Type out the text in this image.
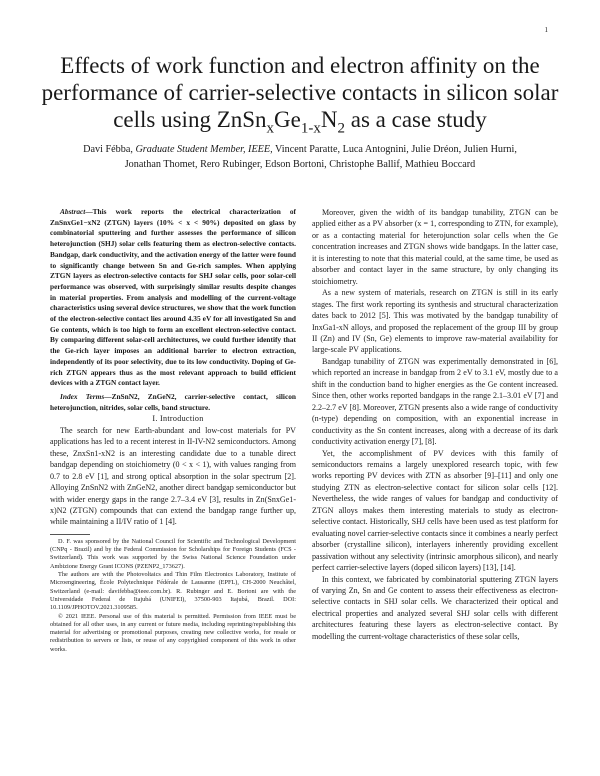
1
Effects of work function and electron affinity on the performance of carrier-selective contacts in silicon solar cells using $ZnSn_xGe_{1-x}N_2$ as a case study
Davi Fébba, Graduate Student Member, IEEE, Vincent Paratte, Luca Antognini, Julie Dréon, Julien Hurni,
Jonathan Thomet, Rero Rubinger, Edson Bortoni, Christophe Ballif, Mathieu Boccard

Abstract—This work reports the electrical characterization of ZnSnxGe1−xN2 (ZTGN) layers (10% < x < 90%) deposited on glass by combinatorial sputtering and further assesses the performance of silicon heterojunction (SHJ) solar cells featuring them as electron-selective contacts. Bandgap, dark conductivity, and the activation energy of the latter were found to significantly change between Sn and Ge-rich samples. When applying ZTGN layers as electron-selective contacts for SHJ solar cells, poor solar-cell performance was observed, with surprisingly similar results despite changes in material properties. From analysis and modelling of the current-voltage characteristics using several device structures, we show that the work function of the electron-selective contact lies around 4.35 eV for all investigated Sn and Ge contents, which is too high to form an excellent electron-selective contact. By comparing different solar-cell architectures, we could further identify that the Ge-rich layer imposes an additional barrier to electron extraction, independently of its poor selectivity, due to its low conductivity. Doping of Ge-rich ZTGN appears thus as the most relevant approach to build efficient devices with a ZTGN contact layer.

Index Terms—ZnSnN2, ZnGeN2, carrier-selective contact, silicon heterojunction, nitrides, solar cells, band structure.

I. Introduction

The search for new Earth-abundant and low-cost materials for PV applications has led to a recent interest in II-IV-N2 semiconductors. Among these, ZnxSn1-xN2 is an interesting candidate due to a tunable direct bandgap depending on stoichiometry (0 < x < 1), with values ranging from 0.7 to 2.8 eV [1], and strong optical absorption in the solar spectrum [2]. Alloying ZnSnN2 with ZnGeN2, another direct bandgap semiconductor but with wider energy gaps in the range 2.7–3.4 eV [3], results in Zn(SnxGe1-x)N2 (ZTGN) compounds that can extend the bandgap range further up, while maintaining a II/IV ratio of 1 [4].

D. F. was sponsored by the National Council for Scientific and Technological Development (CNPq - Brazil) and by the Federal Commission for Scholarships for Foreign Students (FCS - Switzerland). This work was supported by the Swiss National Science Foundation under Ambizione Energy Grant ICONS (PZENP2_173627).

The authors are with the Photovoltaics and Thin Film Electronics Laboratory, Institute of Microengineering, École Polytechnique Fédérale de Lausanne (EPFL), CH-2000 Neuchâtel, Switzerland (e-mail: davifebba@ieee.com.br). R. Rubinger and E. Bortoni are with the Universidade Federal de Itajubá (UNIFEI), 37500-903 Itajubá, Brazil. DOI: 10.1109/JPHOTOV.2021.3109585.

© 2021 IEEE. Personal use of this material is permitted. Permission from IEEE must be obtained for all other uses, in any current or future media, including reprinting/republishing this material for advertising or promotional purposes, creating new collective works, for resale or redistribution to servers or lists, or reuse of any copyrighted component of this work in other works.

Moreover, given the width of its bandgap tunability, ZTGN can be applied either as a PV absorber (x = 1, corresponding to ZTN, for example), or as a contacting material for heterojunction solar cells when the Ge concentration increases and ZTGN shows wide bandgaps. In the latter case, it is interesting to note that this material could, at the same time, be used as absorber and contact layer in the same structure, by only changing its stoichiometry.

As a new system of materials, research on ZTGN is still in its early stages. The first work reporting its synthesis and structural characterization dates back to 2012 [5]. This was motivated by the bandgap tunability of InxGa1-xN alloys, and proposed the replacement of the group III by group II (Zn) and IV (Sn, Ge) elements to improve raw-material availability for large-scale PV applications.

Bandgap tunability of ZTGN was experimentally demonstrated in [6], which reported an increase in bandgap from 2 eV to 3.1 eV, mostly due to a shift in the conduction band to higher energies as the Ge content increased. Since then, other works reported bandgaps in the range 2.1–3.01 eV [7] and 2.2–2.7 eV [8]. Moreover, ZTGN presents also a wide range of conductivity (n-type) depending on composition, with an exponential increase in conductivity as the Sn content increases, along with a decrease of its dark conductivity activation energy [7], [8].

Yet, the accomplishment of PV devices with this family of semiconductors remains a largely unexplored research topic, with few works reporting PV devices with ZTN as absorber [9]–[11] and only one studying ZTN as electron-selective contact for silicon solar cells [12]. Nevertheless, the wide ranges of values for bandgap and conductivity of ZTGN alloys makes them interesting materials to study as electron-selective contact. Historically, SHJ cells have been used as test platform for evaluating novel carrier-selective contacts since it combines a nearly perfect absorber (crystalline silicon), interlayers inherently providing excellent passivation without any selectivity (intrinsic amorphous silicon), and nearly perfect carrier-selective layers (doped silicon layers) [13], [14].

In this context, we fabricated by combinatorial sputtering ZTGN layers of varying Zn, Sn and Ge content to assess their effectiveness as electron-selective contacts in SHJ solar cells. We characterized their optical and electrical properties and analyzed several SHJ solar cells with different architectures featuring these layers as electron-selective contact. By modelling the current-voltage characteristics of these solar cells,
